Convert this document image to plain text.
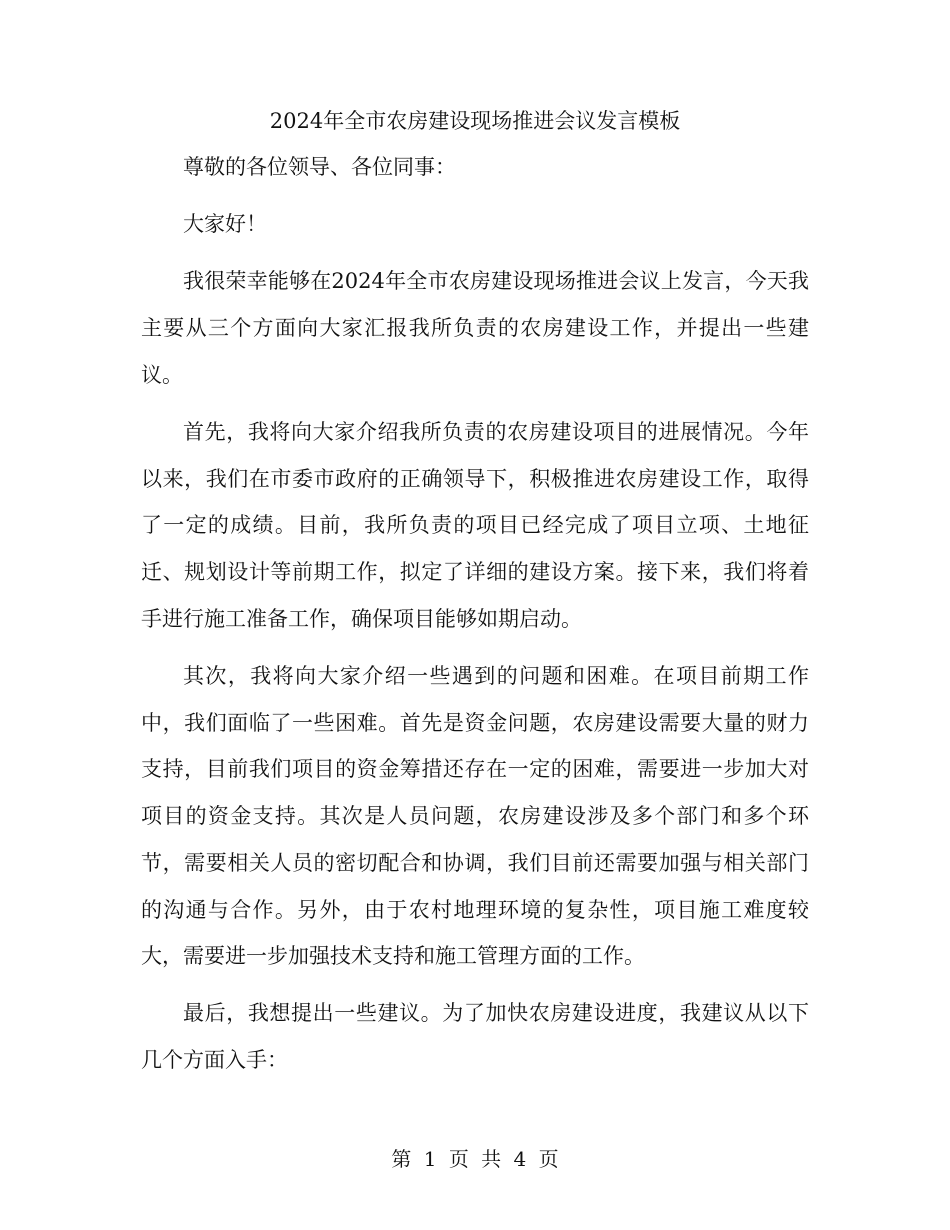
2024年全市农房建设现场推进会议发言模板

尊敬的各位领导、各位同事：

大家好！

我很荣幸能够在2024年全市农房建设现场推进会议上发言，今天我主要从三个方面向大家汇报我所负责的农房建设工作，并提出一些建议。

首先，我将向大家介绍我所负责的农房建设项目的进展情况。今年以来，我们在市委市政府的正确领导下，积极推进农房建设工作，取得了一定的成绩。目前，我所负责的项目已经完成了项目立项、土地征迁、规划设计等前期工作，拟定了详细的建设方案。接下来，我们将着手进行施工准备工作，确保项目能够如期启动。

其次，我将向大家介绍一些遇到的问题和困难。在项目前期工作中，我们面临了一些困难。首先是资金问题，农房建设需要大量的财力支持，目前我们项目的资金筹措还存在一定的困难，需要进一步加大对项目的资金支持。其次是人员问题，农房建设涉及多个部门和多个环节，需要相关人员的密切配合和协调，我们目前还需要加强与相关部门的沟通与合作。另外，由于农村地理环境的复杂性，项目施工难度较大，需要进一步加强技术支持和施工管理方面的工作。

最后，我想提出一些建议。为了加快农房建设进度，我建议从以下几个方面入手：

第 1 页 共 4 页
